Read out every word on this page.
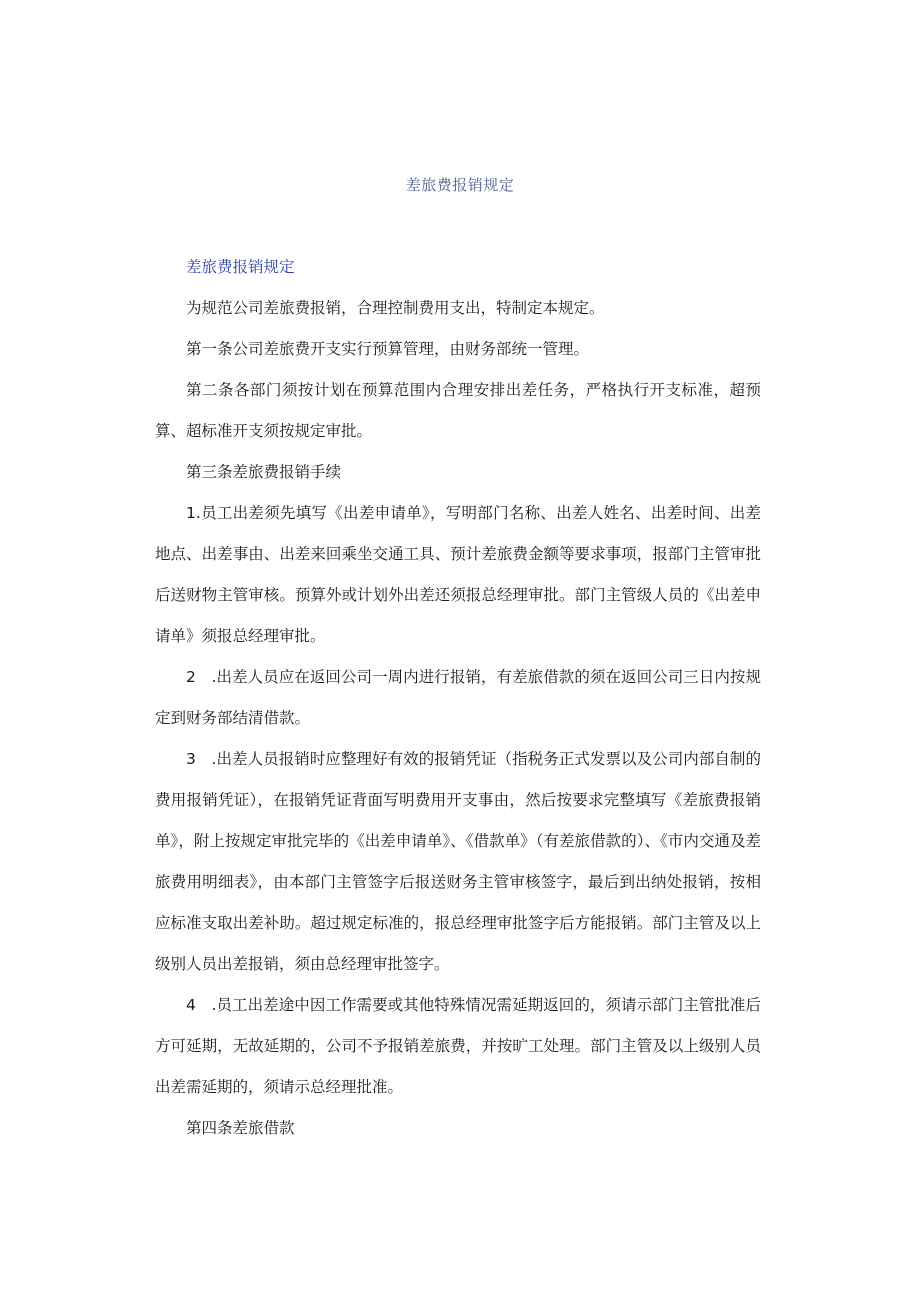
差旅费报销规定

差旅费报销规定

为规范公司差旅费报销，合理控制费用支出，特制定本规定。

第一条公司差旅费开支实行预算管理，由财务部统一管理。

第二条各部门须按计划在预算范围内合理安排出差任务，严格执行开支标准，超预算、超标准开支须按规定审批。

第三条差旅费报销手续

1.员工出差须先填写《出差申请单》，写明部门名称、出差人姓名、出差时间、出差地点、出差事由、出差来回乘坐交通工具、预计差旅费金额等要求事项，报部门主管审批后送财物主管审核。预算外或计划外出差还须报总经理审批。部门主管级人员的《出差申请单》须报总经理审批。

2　.出差人员应在返回公司一周内进行报销，有差旅借款的须在返回公司三日内按规定到财务部结清借款。

3　.出差人员报销时应整理好有效的报销凭证（指税务正式发票以及公司内部自制的费用报销凭证），在报销凭证背面写明费用开支事由，然后按要求完整填写《差旅费报销单》，附上按规定审批完毕的《出差申请单》、《借款单》（有差旅借款的）、《市内交通及差旅费用明细表》，由本部门主管签字后报送财务主管审核签字，最后到出纳处报销，按相应标准支取出差补助。超过规定标准的，报总经理审批签字后方能报销。部门主管及以上级别人员出差报销，须由总经理审批签字。

4　.员工出差途中因工作需要或其他特殊情况需延期返回的，须请示部门主管批准后方可延期，无故延期的，公司不予报销差旅费，并按旷工处理。部门主管及以上级别人员出差需延期的，须请示总经理批准。

第四条差旅借款
